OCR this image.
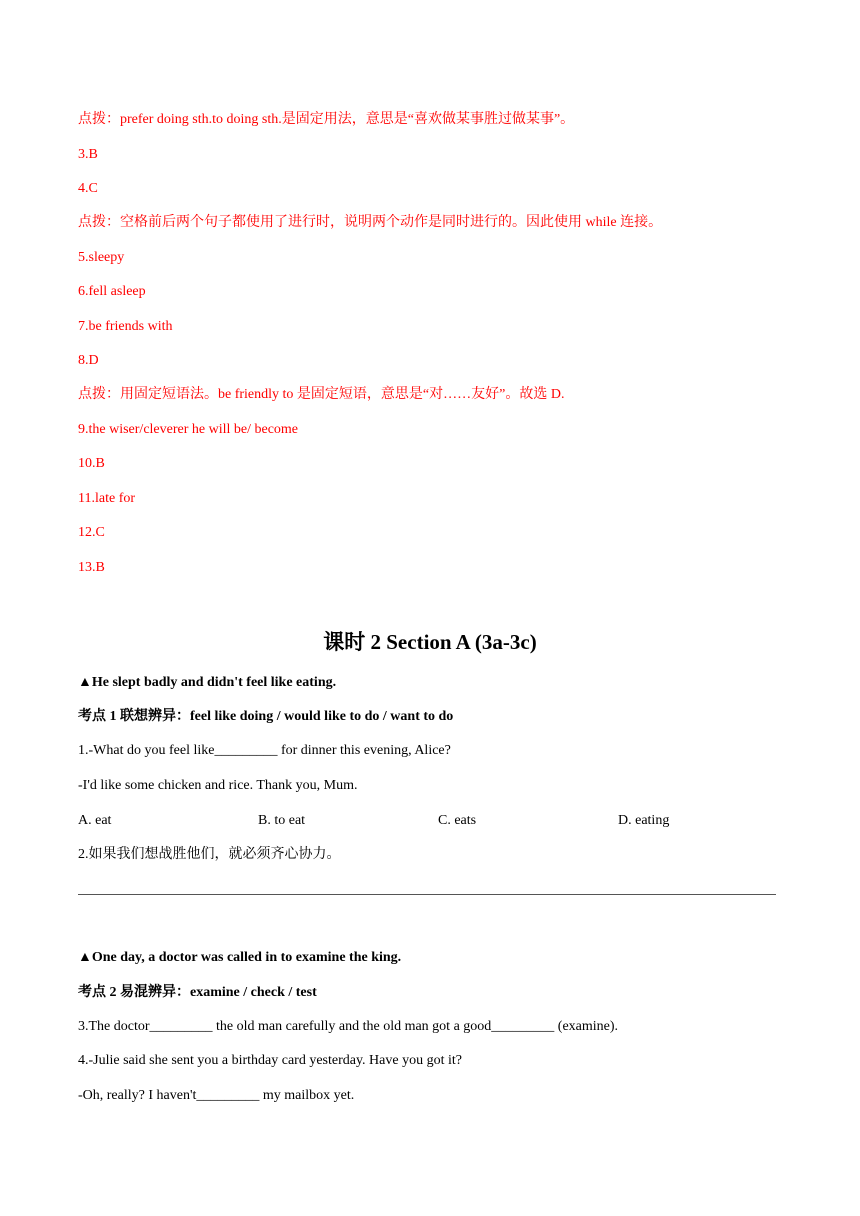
点拨：prefer doing sth.to doing sth.是固定用法，意思是“喜欢做某事胜过做某事”。
3.B
4.C
点拨：空格前后两个句子都使用了进行时，说明两个动作是同时进行的。因此使用 while 连接。
5.sleepy
6.fell asleep
7.be friends with
8.D
点拨：用固定短语法。be friendly to 是固定短语，意思是“对……友好”。故选 D.
9.the wiser/cleverer he will be/ become
10.B
11.late for
12.C
13.B
课时 2 Section A (3a-3c)
▲He slept badly and didn't feel like eating.
考点 1 联想辨异：feel like doing / would like to do / want to do
1.-What do you feel like_________ for dinner this evening, Alice?
-I'd like some chicken and rice. Thank you, Mum.
A. eat	B. to eat	C. eats	D. eating
2.如果我们想战胜他们，就必须齐心协力。
▲One day, a doctor was called in to examine the king.
考点 2 易混辨异：examine / check / test
3.The doctor_________ the old man carefully and the old man got a good_________ (examine).
4.-Julie said she sent you a birthday card yesterday. Have you got it?
-Oh, really? I haven't_________ my mailbox yet.
